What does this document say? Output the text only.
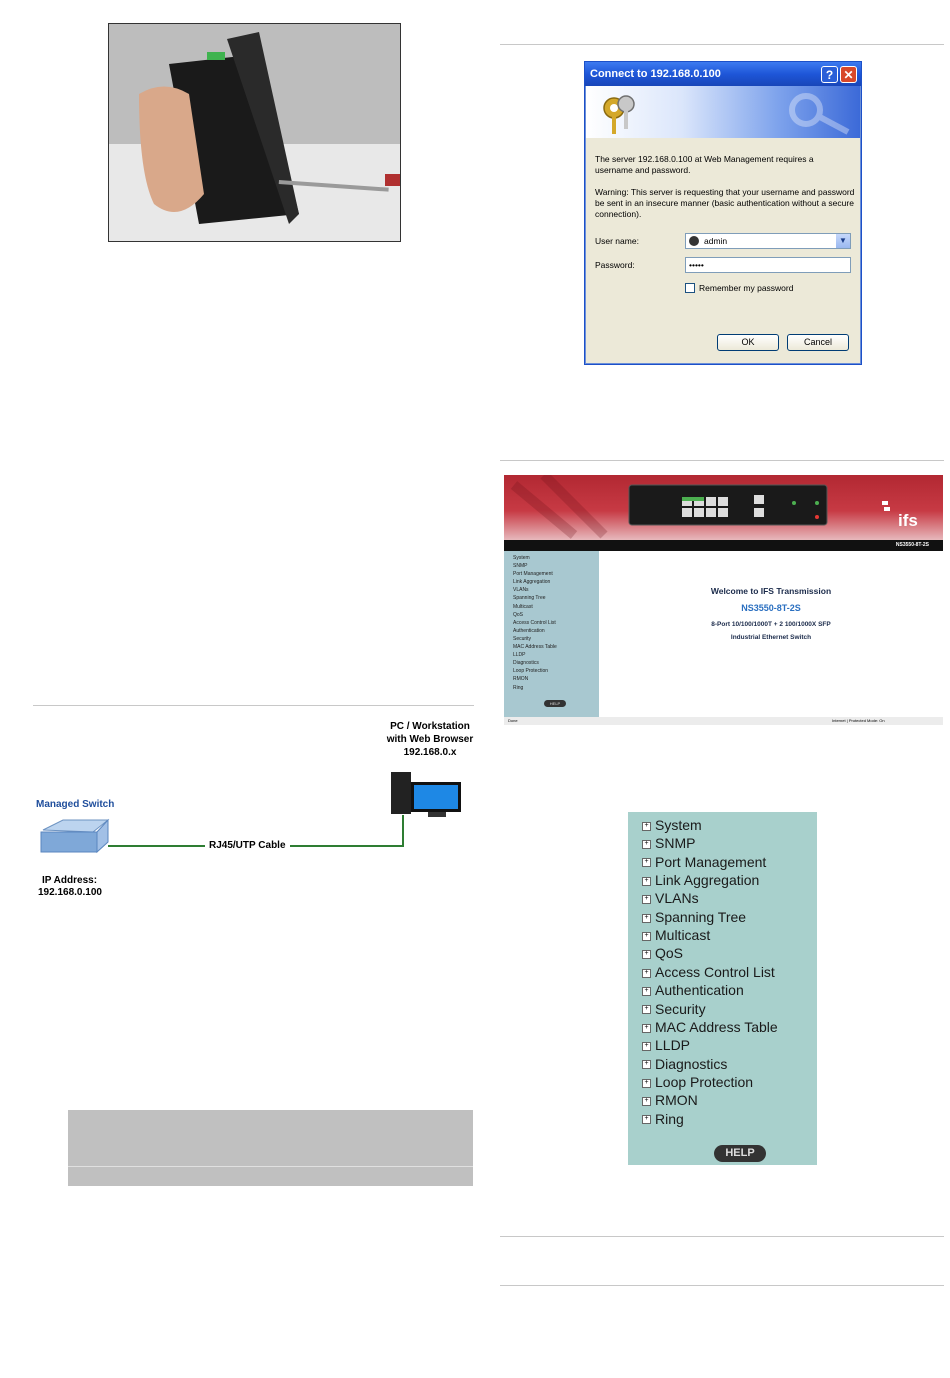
Connect to 192.168.0.100	? ✕
The server 192.168.0.100 at Web Management requires a username and password.
Warning: This server is requesting that your username and password be sent in an insecure manner (basic authentication without a secure connection).
User name:	admin	▼
Password:	•••••
Remember my password
OK	Cancel
ifs
NS3550-8T-2S
System
SNMP
Port Management
Link Aggregation
VLANs
Spanning Tree
Multicast
QoS
Access Control List
Authentication
Security
MAC Address Table
LLDP
Diagnostics
Loop Protection
RMON
Ring
HELP
Welcome to IFS Transmission
NS3550-8T-2S
8-Port 10/100/1000T + 2 100/1000X SFP
Industrial Ethernet Switch
Done	Internet | Protected Mode: On
PC / Workstation
with Web Browser
192.168.0.x
Managed Switch
RJ45/UTP Cable
IP Address:
192.168.0.100
HELP
+ System
+ SNMP
+ Port Management
+ Link Aggregation
+ VLANs
+ Spanning Tree
+ Multicast
+ QoS
+ Access Control List
+ Authentication
+ Security
+ MAC Address Table
+ LLDP
+ Diagnostics
+ Loop Protection
+ RMON
+ Ring
